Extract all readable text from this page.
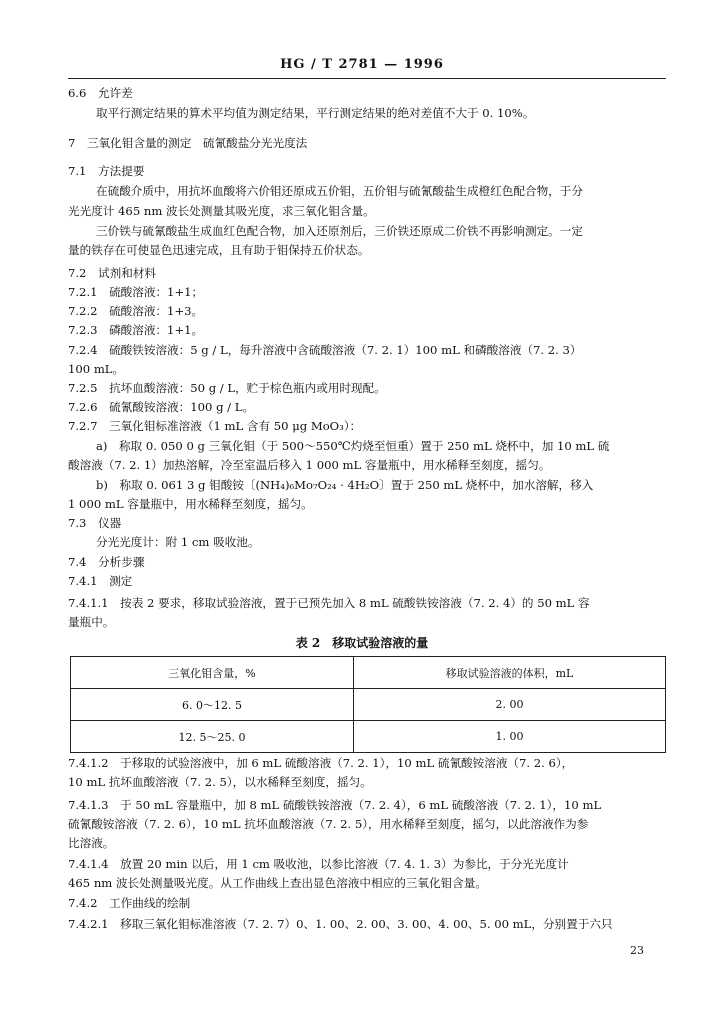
HG / T 2781 — 1996
6.6　允许差
取平行测定结果的算术平均值为测定结果，平行测定结果的绝对差值不大于 0. 10%。
7　三氧化钼含量的测定　硫氰酸盐分光光度法
7.1　方法提要
在硫酸介质中，用抗坏血酸将六价钼还原成五价钼，五价钼与硫氰酸盐生成橙红色配合物，于分
光光度计 465 nm 波长处测量其吸光度，求三氧化钼含量。
三价铁与硫氰酸盐生成血红色配合物，加入还原剂后，三价铁还原成二价铁不再影响测定。一定
量的铁存在可使显色迅速完成，且有助于钼保持五价状态。
7.2　试剂和材料
7.2.1　硫酸溶液：1+1；
7.2.2　硫酸溶液：1+3。
7.2.3　磷酸溶液：1+1。
7.2.4　硫酸铁铵溶液：5 g / L，每升溶液中含硫酸溶液（7. 2. 1）100 mL 和磷酸溶液（7. 2. 3）
100 mL。
7.2.5　抗坏血酸溶液：50 g / L，贮于棕色瓶内或用时现配。
7.2.6　硫氰酸铵溶液：100 g / L。
7.2.7　三氧化钼标准溶液（1 mL 含有 50 μg MoO₃）：
a)　称取 0. 050 0 g 三氧化钼（于 500～550℃灼烧至恒重）置于 250 mL 烧杯中，加 10 mL 硫
酸溶液（7. 2. 1）加热溶解，冷至室温后移入 1 000 mL 容量瓶中，用水稀释至刻度，摇匀。
b)　称取 0. 061 3 g 钼酸铵〔(NH₄)₆Mo₇O₂₄ · 4H₂O〕置于 250 mL 烧杯中，加水溶解，移入
1 000 mL 容量瓶中，用水稀释至刻度，摇匀。
7.3　仪器
分光光度计：附 1 cm 吸收池。
7.4　分析步骤
7.4.1　测定
7.4.1.1　按表 2 要求，移取试验溶液，置于已预先加入 8 mL 硫酸铁铵溶液（7. 2. 4）的 50 mL 容
量瓶中。
表 2　移取试验溶液的量
三氧化钼含量，%	移取试验溶液的体积，mL
6. 0～12. 5	2. 00
12. 5～25. 0	1. 00
7.4.1.2　于移取的试验溶液中，加 6 mL 硫酸溶液（7. 2. 1），10 mL 硫氰酸铵溶液（7. 2. 6），
10 mL 抗坏血酸溶液（7. 2. 5），以水稀释至刻度，摇匀。
7.4.1.3　于 50 mL 容量瓶中，加 8 mL 硫酸铁铵溶液（7. 2. 4），6 mL 硫酸溶液（7. 2. 1），10 mL
硫氰酸铵溶液（7. 2. 6），10 mL 抗坏血酸溶液（7. 2. 5），用水稀释至刻度，摇匀，以此溶液作为参
比溶液。
7.4.1.4　放置 20 min 以后，用 1 cm 吸收池，以参比溶液（7. 4. 1. 3）为参比，于分光光度计
465 nm 波长处测量吸光度。从工作曲线上查出显色溶液中相应的三氧化钼含量。
7.4.2　工作曲线的绘制
7.4.2.1　移取三氧化钼标准溶液（7. 2. 7）0、1. 00、2. 00、3. 00、4. 00、5. 00 mL，分别置于六只
23
